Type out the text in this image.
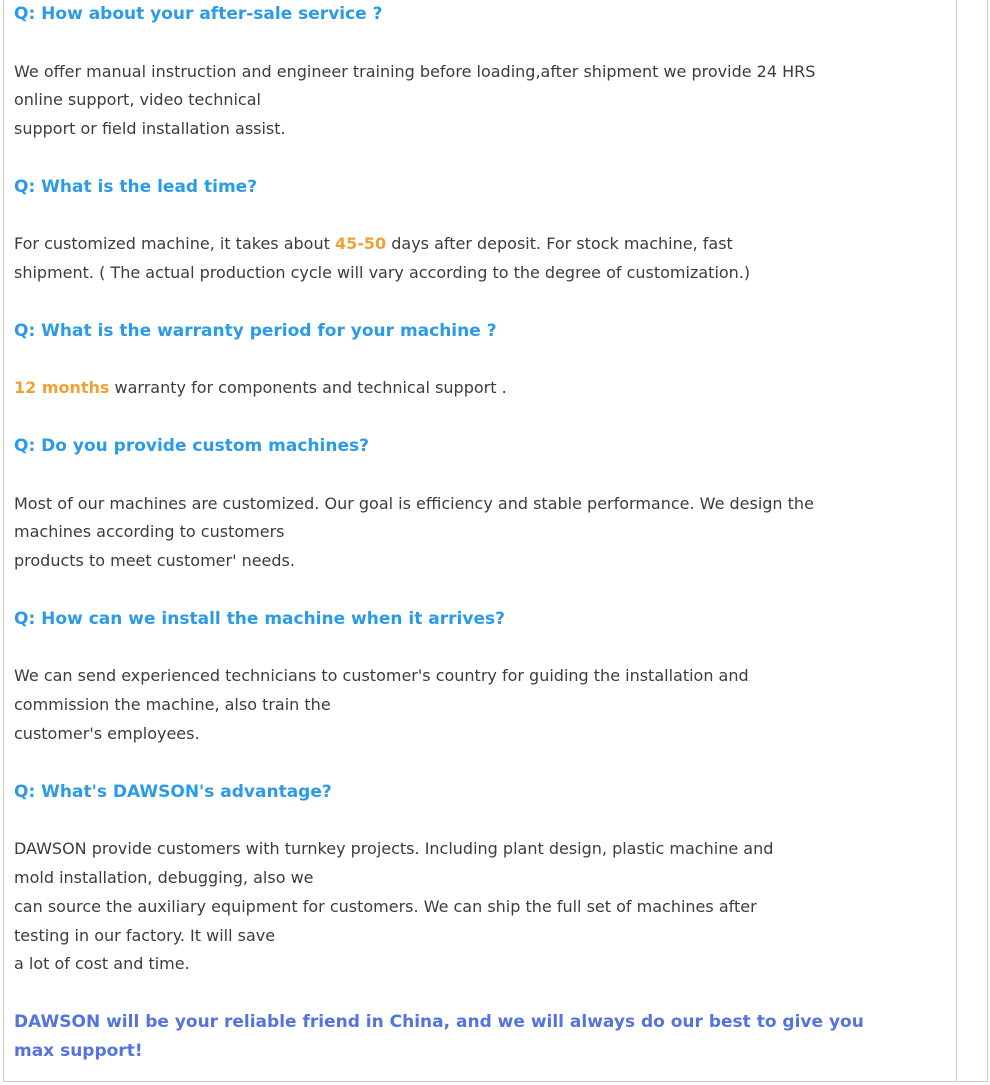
Q: How about your after-sale service ?
We offer manual instruction and engineer training before loading,after shipment we provide 24 HRS
online support, video technical
support or field installation assist.
Q: What is the lead time?
For customized machine, it takes about 45-50 days after deposit. For stock machine, fast
shipment. ( The actual production cycle will vary according to the degree of customization.)
Q: What is the warranty period for your machine ?
12 months warranty for components and technical support .
Q: Do you provide custom machines?
Most of our machines are customized. Our goal is efficiency and stable performance. We design the
machines according to customers
products to meet customer' needs.
Q: How can we install the machine when it arrives?
We can send experienced technicians to customer's country for guiding the installation and
commission the machine, also train the
customer's employees.
Q: What's DAWSON's advantage?
DAWSON provide customers with turnkey projects. Including plant design, plastic machine and
mold installation, debugging, also we
can source the auxiliary equipment for customers. We can ship the full set of machines after
testing in our factory. It will save
a lot of cost and time.
DAWSON will be your reliable friend in China, and we will always do our best to give you
max support!
